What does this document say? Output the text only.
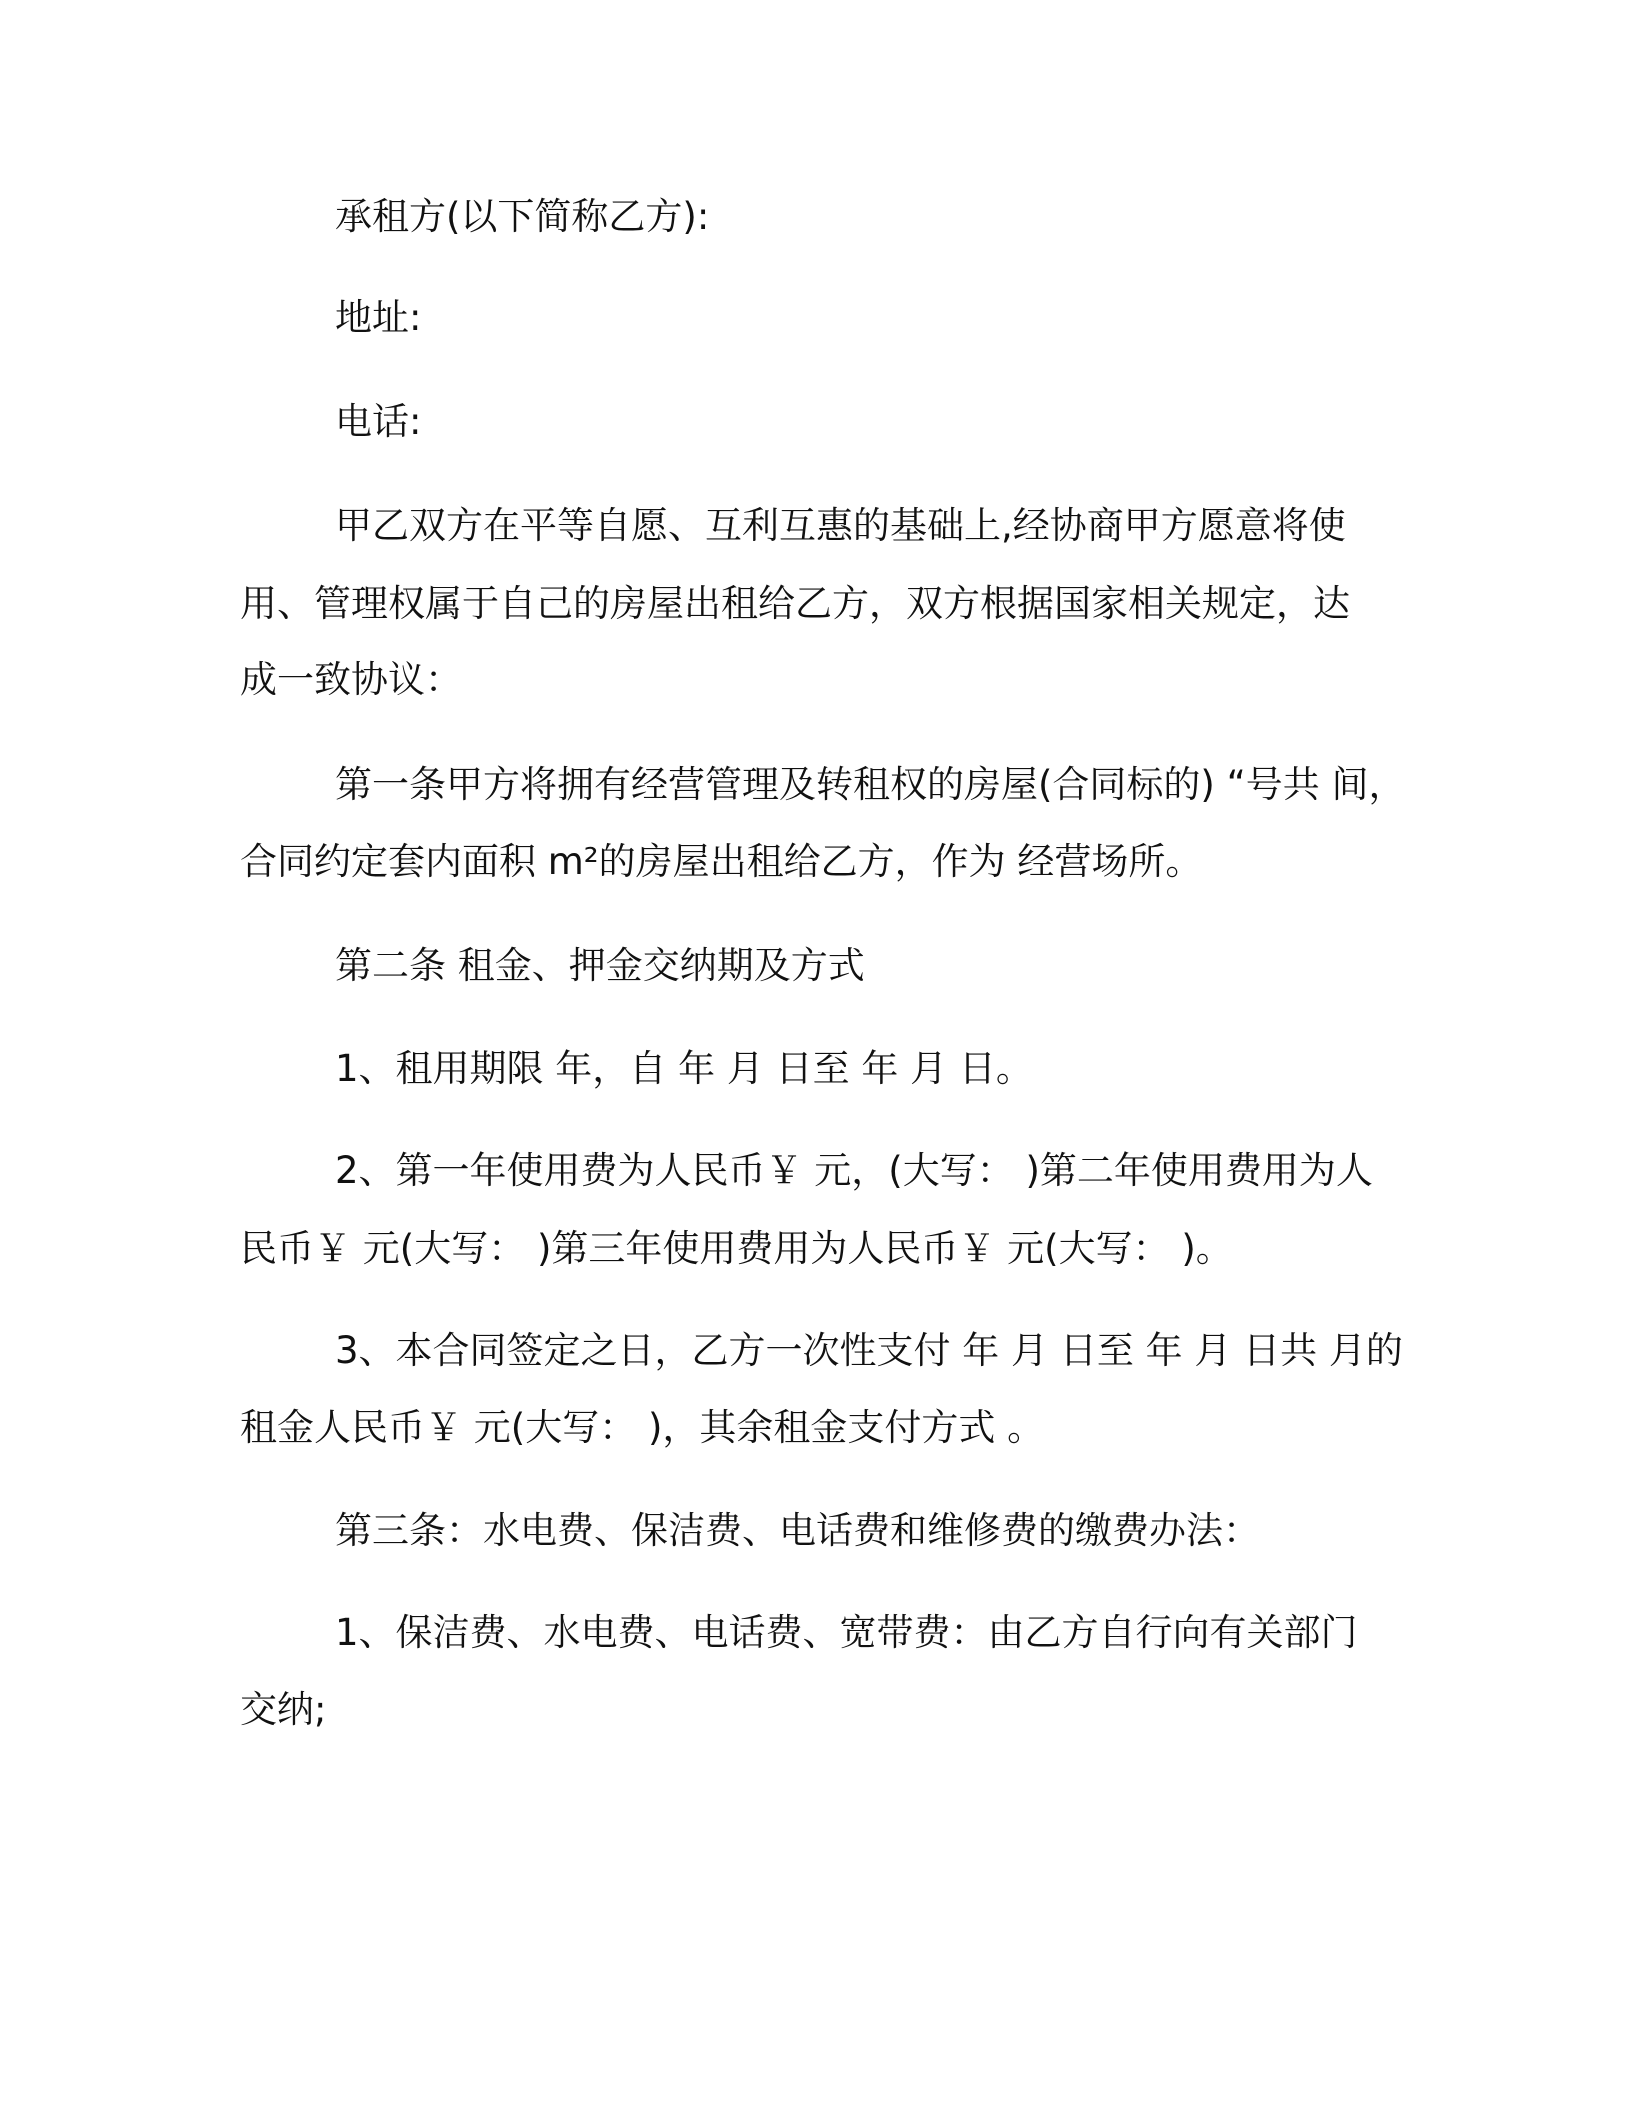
承租方(以下简称乙方):
地址:
电话:
甲乙双方在平等自愿、互利互惠的基础上,经协商甲方愿意将使
用、管理权属于自己的房屋出租给乙方，双方根据国家相关规定，达
成一致协议：
第一条甲方将拥有经营管理及转租权的房屋(合同标的) “号共 间，
合同约定套内面积 m²的房屋出租给乙方，作为 经营场所。
第二条 租金、押金交纳期及方式
1、租用期限 年，自 年 月 日至 年 月 日。
2、第一年使用费为人民币￥ 元，(大写： )第二年使用费用为人
民币￥ 元(大写： )第三年使用费用为人民币￥ 元(大写： )。
3、本合同签定之日，乙方一次性支付 年 月 日至 年 月 日共 月的
租金人民币￥ 元(大写： )，其余租金支付方式 。
第三条：水电费、保洁费、电话费和维修费的缴费办法：
1、保洁费、水电费、电话费、宽带费：由乙方自行向有关部门
交纳;
